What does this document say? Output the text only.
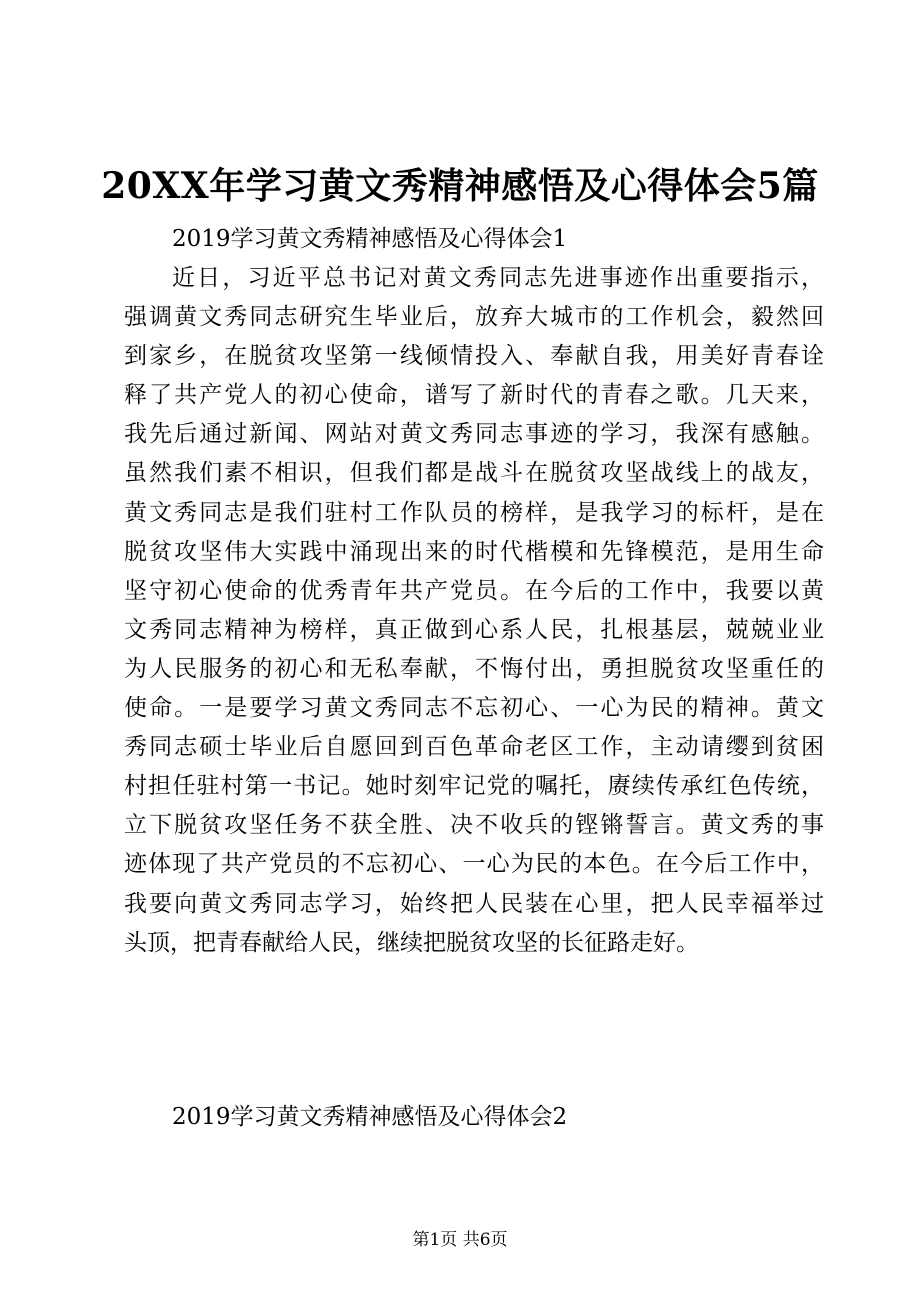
20XX年学习黄文秀精神感悟及心得体会5篇
2019学习黄文秀精神感悟及心得体会1
近日，习近平总书记对黄文秀同志先进事迹作出重要指示，
强调黄文秀同志研究生毕业后，放弃大城市的工作机会，毅然回
到家乡，在脱贫攻坚第一线倾情投入、奉献自我，用美好青春诠
释了共产党人的初心使命，谱写了新时代的青春之歌。几天来，
我先后通过新闻、网站对黄文秀同志事迹的学习，我深有感触。
虽然我们素不相识，但我们都是战斗在脱贫攻坚战线上的战友，
黄文秀同志是我们驻村工作队员的榜样，是我学习的标杆，是在
脱贫攻坚伟大实践中涌现出来的时代楷模和先锋模范，是用生命
坚守初心使命的优秀青年共产党员。在今后的工作中，我要以黄
文秀同志精神为榜样，真正做到心系人民，扎根基层，兢兢业业
为人民服务的初心和无私奉献，不悔付出，勇担脱贫攻坚重任的
使命。一是要学习黄文秀同志不忘初心、一心为民的精神。黄文
秀同志硕士毕业后自愿回到百色革命老区工作，主动请缨到贫困
村担任驻村第一书记。她时刻牢记党的嘱托，赓续传承红色传统，
立下脱贫攻坚任务不获全胜、决不收兵的铿锵誓言。黄文秀的事
迹体现了共产党员的不忘初心、一心为民的本色。在今后工作中，
我要向黄文秀同志学习，始终把人民装在心里，把人民幸福举过
头顶，把青春献给人民，继续把脱贫攻坚的长征路走好。
2019学习黄文秀精神感悟及心得体会2
第1页 共6页
